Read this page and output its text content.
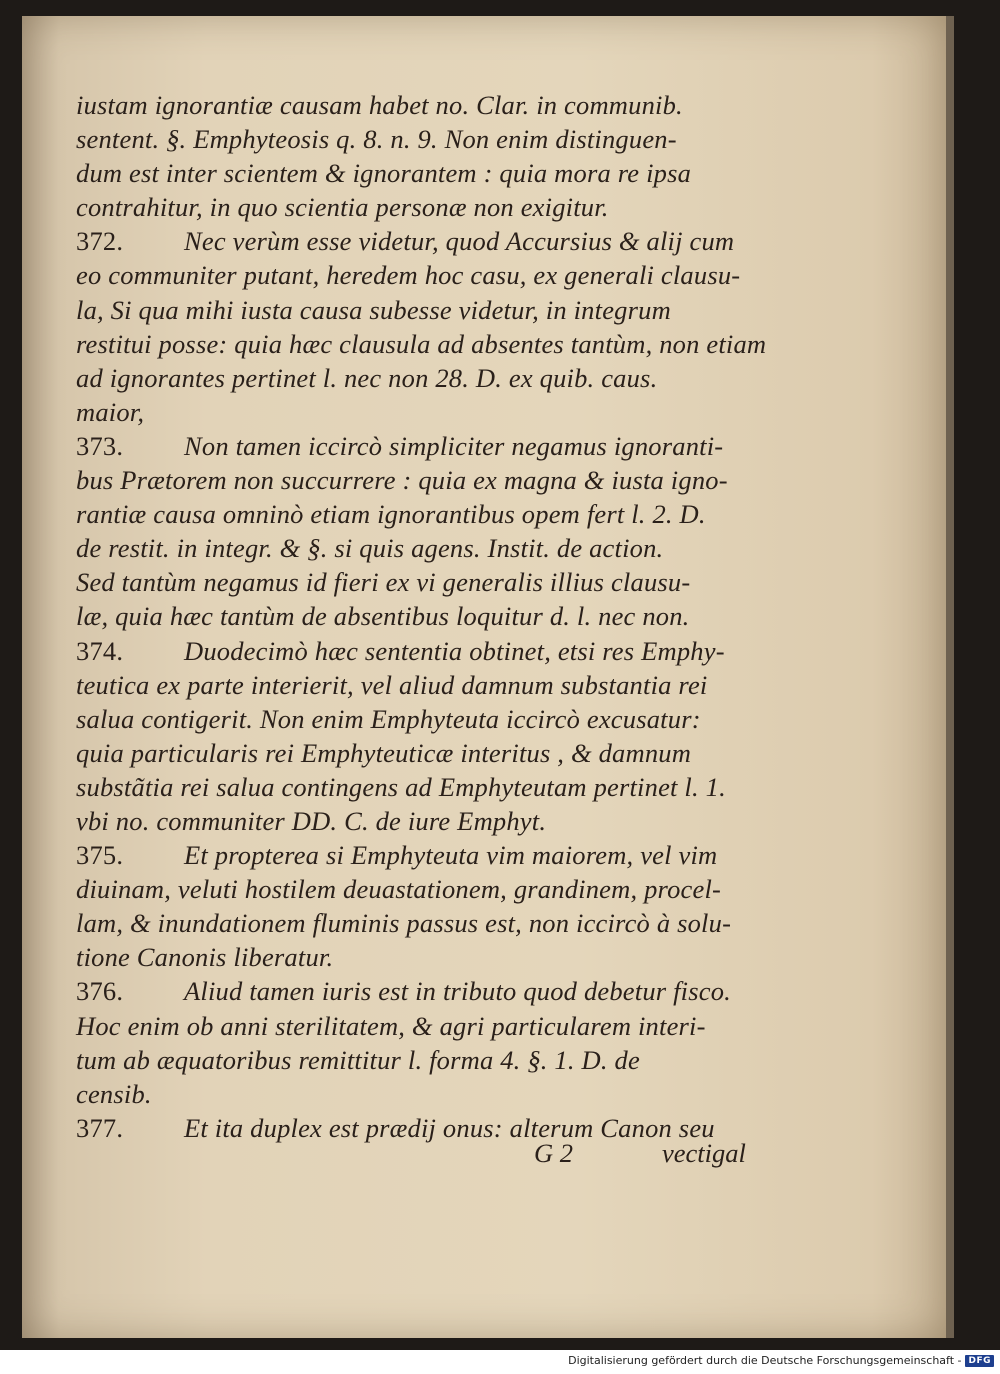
iustam ignorantiæ causam habet no. Clar. in communib.
sentent. §. Emphyteosis q. 8. n. 9. Non enim distinguen-
dum est inter scientem & ignorantem : quia mora re ipsa
contrahitur, in quo scientia personæ non exigitur.
372. Nec verùm esse videtur, quod Accursius & alij cum
eo communiter putant, heredem hoc casu, ex generali clausu-
la, Si qua mihi iusta causa subesse videtur, in integrum
restitui posse: quia hæc clausula ad absentes tantùm, non etiam
ad ignorantes pertinet l. nec non 28. D. ex quib. caus.
maior,
373. Non tamen iccircò simpliciter negamus ignoranti-
bus Prætorem non succurrere : quia ex magna & iusta igno-
rantiæ causa omninò etiam ignorantibus opem fert l. 2. D.
de restit. in integr. & §. si quis agens. Instit. de action.
Sed tantùm negamus id fieri ex vi generalis illius clausu-
læ, quia hæc tantùm de absentibus loquitur d. l. nec non.
374. Duodecimò hæc sententia obtinet, etsi res Emphy-
teutica ex parte interierit, vel aliud damnum substantia rei
salua contigerit. Non enim Emphyteuta iccircò excusatur:
quia particularis rei Emphyteuticæ interitus , & damnum
substãtia rei salua contingens ad Emphyteutam pertinet l. 1.
vbi no. communiter DD. C. de iure Emphyt.
375. Et propterea si Emphyteuta vim maiorem, vel vim
diuinam, veluti hostilem deuastationem, grandinem, procel-
lam, & inundationem fluminis passus est, non iccircò à solu-
tione Canonis liberatur.
376. Aliud tamen iuris est in tributo quod debetur fisco.
Hoc enim ob anni sterilitatem, & agri particularem interi-
tum ab æquatoribus remittitur l. forma 4. §. 1. D. de
censib.
377. Et ita duplex est prædij onus: alterum Canon seu
G 2	vectigal
Digitalisierung gefördert durch die Deutsche Forschungsgemeinschaft - DFG
